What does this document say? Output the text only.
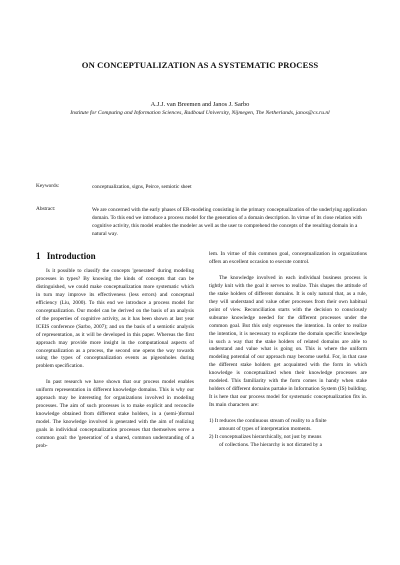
ON CONCEPTUALIZATION AS A SYSTEMATIC PROCESS
A.J.J. van Breemen and Janos J. Sarbo
Institute for Computing and Information Sciences, Radboud University, Nijmegen, The Netherlands, janos@cs.ru.nl
Keywords:	conceptualization, signs, Peirce, semiotic sheet
Abstract:	We are concerned with the early phases of ER-modeling consisting in the primary conceptualization of the underlying application domain. To this end we introduce a process model for the generation of a domain description. In virtue of its close relation with cognitive activity, this model enables the modeler as well as the user to comprehend the concepts of the resulting domain in a natural way.
1 Introduction

Is it possible to classify the concepts 'generated' during modeling processes in types? By knowing the kinds of concepts that can be distinguished, we could make conceptualization more systematic which in turn may improve its effectiveness (less errors) and conceptual efficiency (Liu, 2000). To this end we introduce a process model for conceptualization. Our model can be derived on the basis of an analysis of the properties of cognitive activity, as it has been shown at last year ICEIS conference (Sarbo, 2007); and on the basis of a semiotic analysis of representation, as it will be developed in this paper. Whereas the first approach may provide more insight in the computational aspects of conceptualization as a process, the second one opens the way towards using the types of conceptualization events as pigeonholes during problem specification.

In past research we have shown that our process model enables uniform representation in different knowledge domains. This is why our approach may be interesting for organizations involved in modeling processes. The aim of such processes is to make explicit and reconcile knowledge obtained from different stake holders, in a (semi-)formal model. The knowledge involved is generated with the aim of realizing goals in individual conceptualization processes that themselves serve a common goal: the 'generation' of a shared, common understanding of a prob-

lem. In virtue of this common goal, conceptualization in organizations offers an excellent occasion to execute control.

The knowledge involved in each individual business process is tightly knit with the goal it serves to realize. This shapes the attitude of the stake holders of different domains. It is only natural that, as a rule, they will understand and value other processes from their own habitual point of view. Reconciliation starts with the decision to consciously subsume knowledge needed for the different processes under the common goal. But this only expresses the intention. In order to realize the intention, it is necessary to explicate the domain specific knowledge in such a way that the stake holders of related domains are able to understand and value what is going on. This is where the uniform modeling potential of our approach may become useful. For, in that case the different stake holders get acquainted with the form in which knowledge is conceptualized when their knowledge processes are modeled. This familiarity with the form comes in handy when stake holders of different domains partake in Information System (IS) building. It is here that our process model for systematic conceptualization fits in. Its main characters are:

1) It reduces the continuous stream of reality to a finite

amount of types of interpretation moments.

2) It conceptualizes hierarchically, not just by means

of collections. The hierarchy is not dictated by a
